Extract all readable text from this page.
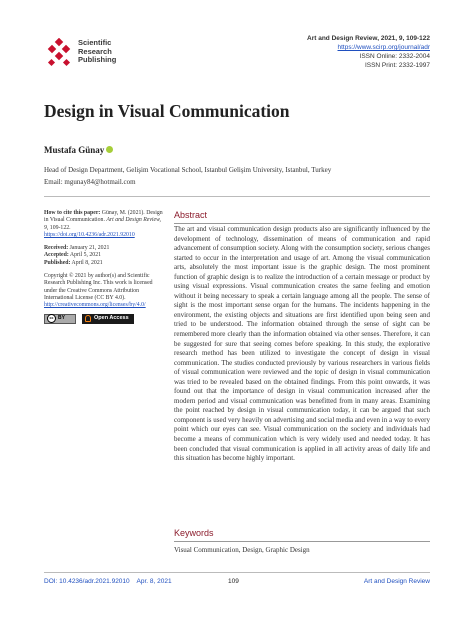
Scientific
Research
Publishing
Art and Design Review, 2021, 9, 109-122
https://www.scirp.org/journal/adr
ISSN Online: 2332-2004
ISSN Print: 2332-1997
Design in Visual Communication
Mustafa Günay
Head of Design Department, Gelişim Vocational School, Istanbul Gelişim University, Istanbul, Turkey
Email: mgunay84@hotmail.com
How to cite this paper: Günay, M. (2021). Design in Visual Communication. Art and Design Review, 9, 109-122.
https://doi.org/10.4236/adr.2021.92010
Received: January 21, 2021
Accepted: April 5, 2021
Published: April 8, 2021
Copyright © 2021 by author(s) and Scientific Research Publishing Inc. This work is licensed under the Creative Commons Attribution International License (CC BY 4.0).
http://creativecommons.org/licenses/by/4.0/
cc BY	Open Access
Abstract
The art and visual communication design products also are significantly influenced by the development of technology, dissemination of means of communication and rapid advancement of consumption society. Along with the consumption society, serious changes started to occur in the interpretation and usage of art. Among the visual communication arts, absolutely the most important issue is the graphic design. The most prominent function of graphic design is to realize the introduction of a certain message or product by using visual expressions. Visual communication creates the same feeling and emotion without it being necessary to speak a certain language among all the people. The sense of sight is the most important sense organ for the humans. The incidents happening in the environment, the existing objects and situations are first identified upon being seen and tried to be understood. The information obtained through the sense of sight can be remembered more clearly than the information obtained via other senses. Therefore, it can be suggested for sure that seeing comes before speaking. In this study, the explorative research method has been utilized to investigate the concept of design in visual communication. The studies conducted previously by various researchers in various fields of visual communication were reviewed and the topic of design in visual communication was tried to be revealed based on the obtained findings. From this point onwards, it was found out that the importance of design in visual communication increased after the modern period and visual communication was benefitted from in many areas. Examining the point reached by design in visual communication today, it can be argued that such component is used very heavily on advertising and social media and even in a way to every point which our eyes can see. Visual communication on the society and individuals had become a means of communication which is very widely used and needed today. It has been concluded that visual communication is applied in all activity areas of daily life and this situation has become highly important.
Keywords
Visual Communication, Design, Graphic Design
DOI: 10.4236/adr.2021.92010    Apr. 8, 2021	109	Art and Design Review
